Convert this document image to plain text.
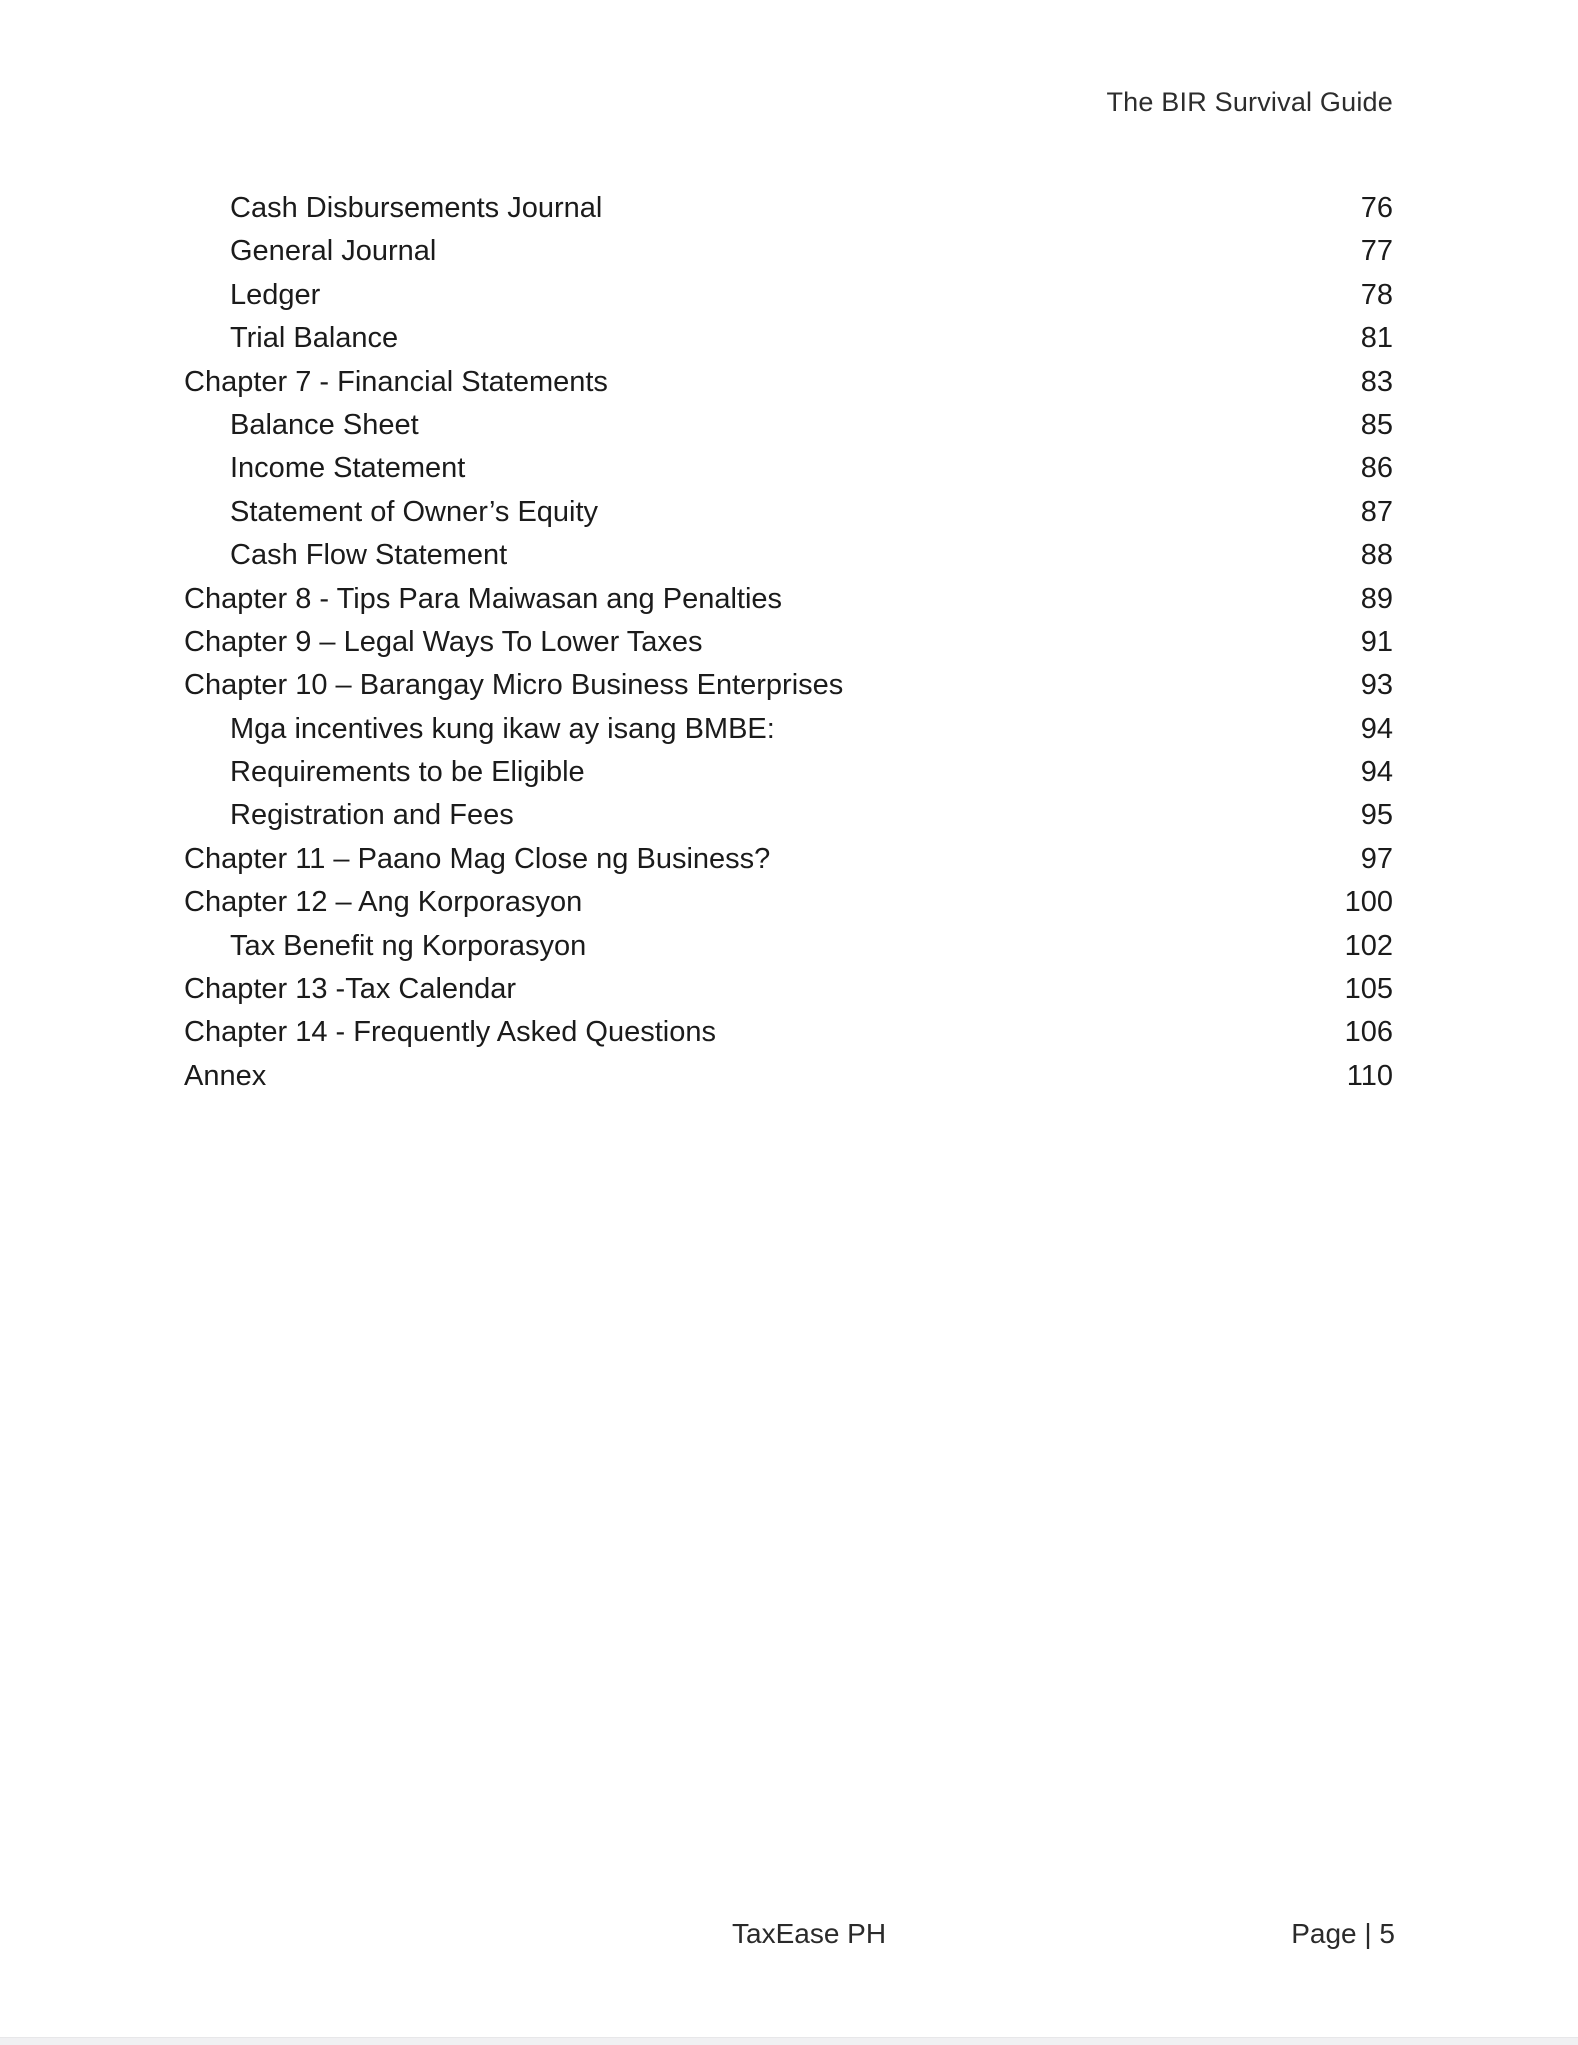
The BIR Survival Guide
Cash Disbursements Journal	76
General Journal	77
Ledger	78
Trial Balance	81
Chapter 7 - Financial Statements	83
Balance Sheet	85
Income Statement	86
Statement of Owner’s Equity	87
Cash Flow Statement	88
Chapter 8 - Tips Para Maiwasan ang Penalties	89
Chapter 9 – Legal Ways To Lower Taxes	91
Chapter 10 – Barangay Micro Business Enterprises	93
Mga incentives kung ikaw ay isang BMBE:	94
Requirements to be Eligible	94
Registration and Fees	95
Chapter 11 – Paano Mag Close ng Business?	97
Chapter 12 – Ang Korporasyon	100
Tax Benefit ng Korporasyon	102
Chapter 13 -Tax Calendar	105
Chapter 14 - Frequently Asked Questions	106
Annex	110
TaxEase PH	Page | 5
